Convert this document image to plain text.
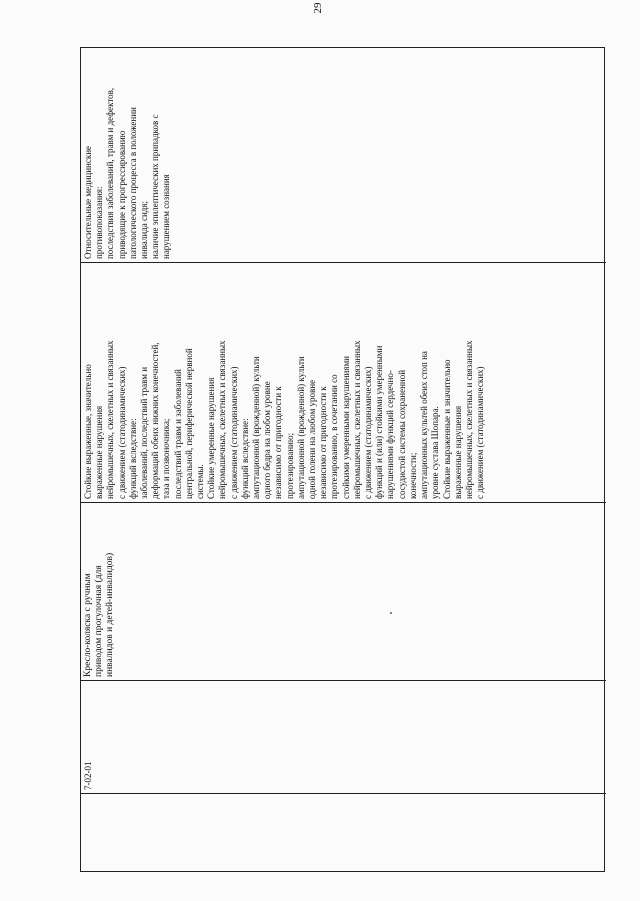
29
7-02-01
Кресло-коляска с ручным приводом прогулочная (для инвалидов и детей-инвалидов)
Стойкие выраженные, значительно выраженные нарушения нейромышечных, скелетных и связанных с движением (статодинамических) функций вследствие: заболеваний, последствий травм и деформаций обеих нижних конечностей, таза и позвоночника; последствий травм и заболеваний центральной, периферической нервной системы. Стойкие умеренные нарушения нейромышечных, скелетных и связанных с движением (статодинамических) функций вследствие: ампутационной (врожденной) культи одного бедра на любом уровне независимо от пригодности к протезированию; ампутационной (врожденной) культи одной голени на любом уровне независимо от пригодности к протезированию, в сочетании со стойкими умеренными нарушениями нейромышечных, скелетных и связанных с движением (статодинамических) функций и (или) стойкими умеренными нарушениями функций сердечно- сосудистой системы сохраненной конечности; ампутационных культей обеих стоп на уровне сустава Шопара. Стойкие выраженные и значительно выраженные нарушения нейромышечных, скелетных и связанных с движением (статодинамических)
Относительные медицинские противопоказания: последствия заболеваний, травм и дефектов, приводящие к прогрессированию патологического процесса в положении инвалида сидя; наличие эпилептических припадков с нарушением сознания
